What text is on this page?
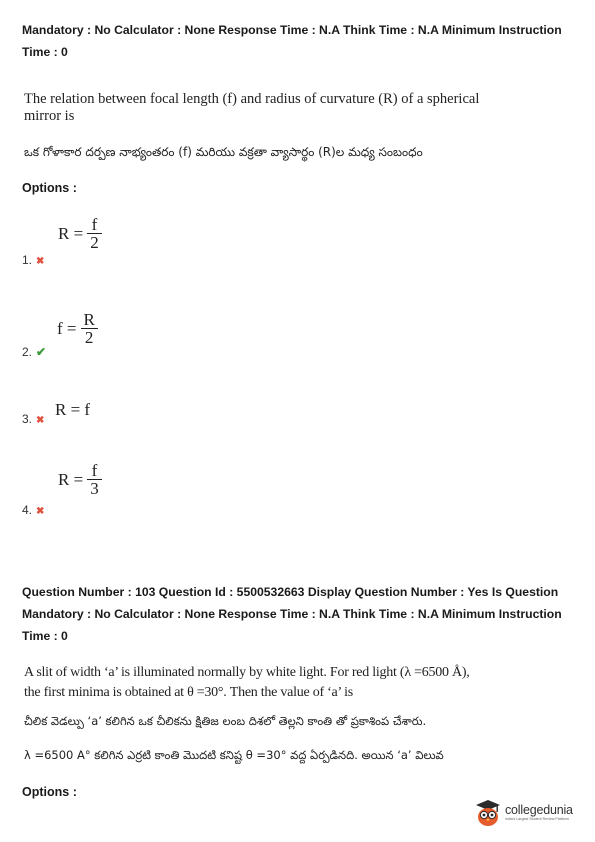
Mandatory : No Calculator : None Response Time : N.A Think Time : N.A Minimum Instruction
Time : 0
The relation between focal length (f) and radius of curvature (R) of a spherical
mirror is
ఒక గోళాకార దర్పణ నాభ్యంతరం (f) మరియు వక్రతా వ్యాసార్థం (R)ల మధ్య సంబంధం
Options :
$R = \frac{f}{2}$
1. ✖
$f = \frac{R}{2}$
2. ✔
R = f
3. ✖
$R = \frac{f}{3}$
4. ✖
Question Number : 103 Question Id : 5500532663 Display Question Number : Yes Is Question
Mandatory : No Calculator : None Response Time : N.A Think Time : N.A Minimum Instruction
Time : 0
A slit of width ‘a’ is illuminated normally by white light. For red light (λ =6500 Å),
the first minima is obtained at θ =30°. Then the value of ‘a’ is
చీలిక వెడల్పు ‘a’ కలిగిన ఒక చీలికను క్షితిజ లంబ దిశలో తెల్లని కాంతి తో ప్రకాశింప చేశారు.
λ =6500 A° కలిగిన ఎర్రటి కాంతి మొదటి కనిష్ట θ =30° వద్ద ఏర్పడినది. అయిన ‘a’ విలువ
Options :
collegedunia
India's Largest Student Review Platform
